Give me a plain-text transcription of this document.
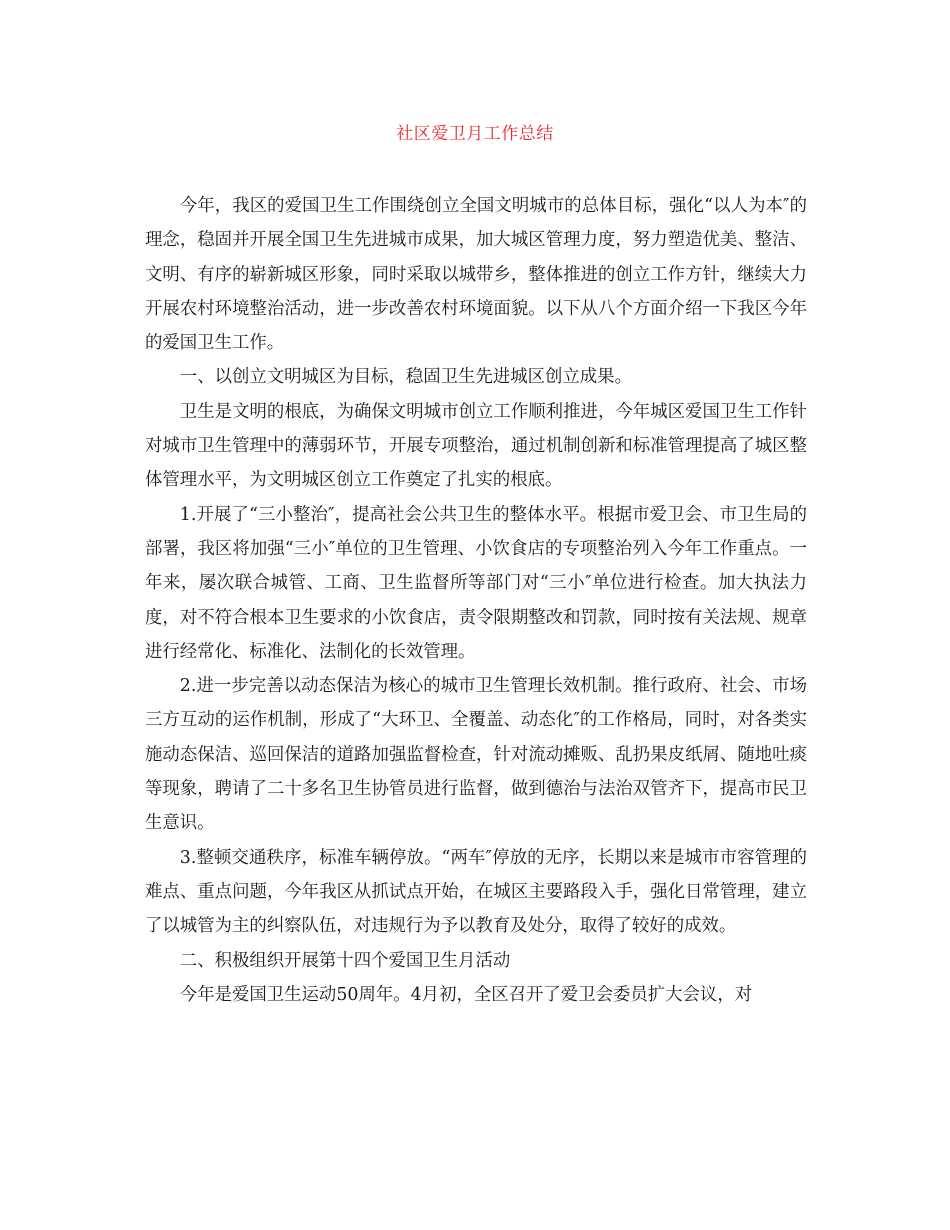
社区爱卫月工作总结

今年，我区的爱国卫生工作围绕创立全国文明城市的总体目标，强化“以人为本″的理念，稳固并开展全国卫生先进城市成果，加大城区管理力度，努力塑造优美、整洁、文明、有序的崭新城区形象，同时采取以城带乡，整体推进的创立工作方针，继续大力开展农村环境整治活动，进一步改善农村环境面貌。以下从八个方面介绍一下我区今年的爱国卫生工作。

一、以创立文明城区为目标，稳固卫生先进城区创立成果。

卫生是文明的根底，为确保文明城市创立工作顺利推进，今年城区爱国卫生工作针对城市卫生管理中的薄弱环节，开展专项整治，通过机制创新和标准管理提高了城区整体管理水平，为文明城区创立工作奠定了扎实的根底。

1.开展了“三小整治″，提高社会公共卫生的整体水平。根据市爱卫会、市卫生局的部署，我区将加强“三小″单位的卫生管理、小饮食店的专项整治列入今年工作重点。一年来，屡次联合城管、工商、卫生监督所等部门对“三小″单位进行检查。加大执法力度，对不符合根本卫生要求的小饮食店，责令限期整改和罚款，同时按有关法规、规章进行经常化、标准化、法制化的长效管理。

2.进一步完善以动态保洁为核心的城市卫生管理长效机制。推行政府、社会、市场三方互动的运作机制，形成了“大环卫、全覆盖、动态化″的工作格局，同时，对各类实施动态保洁、巡回保洁的道路加强监督检查，针对流动摊贩、乱扔果皮纸屑、随地吐痰等现象，聘请了二十多名卫生协管员进行监督，做到德治与法治双管齐下，提高市民卫生意识。

3.整顿交通秩序，标准车辆停放。“两车″停放的无序，长期以来是城市市容管理的难点、重点问题，今年我区从抓试点开始，在城区主要路段入手，强化日常管理，建立了以城管为主的纠察队伍，对违规行为予以教育及处分，取得了较好的成效。

二、积极组织开展第十四个爱国卫生月活动

今年是爱国卫生运动50周年。4月初，全区召开了爱卫会委员扩大会议，对
